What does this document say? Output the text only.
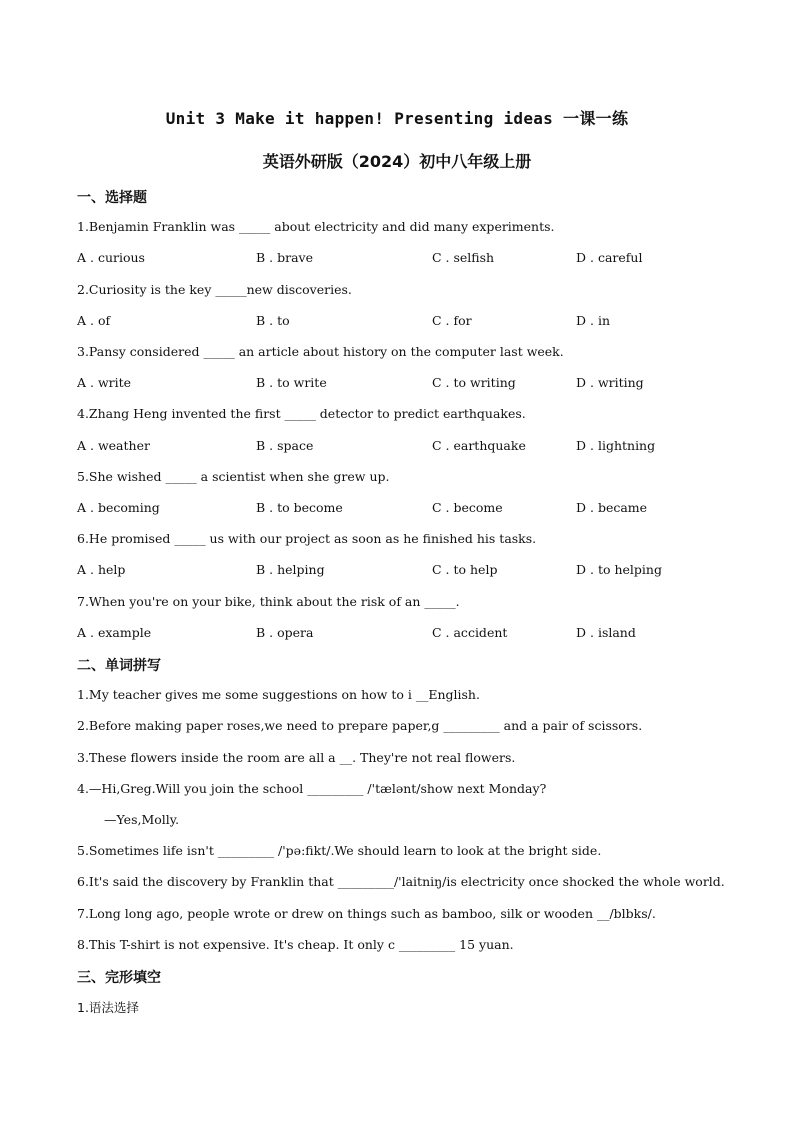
Unit 3 Make it happen! Presenting ideas 一课一练
英语外研版（2024）初中八年级上册
一、选择题
1.Benjamin Franklin was _____ about electricity and did many experiments.
A . curious	B . brave	C . selfish	D . careful
2.Curiosity is the key _____new discoveries.
A . of	B . to	C . for	D . in
3.Pansy considered _____ an article about history on the computer last week.
A . write	B . to write	C . to writing	D . writing
4.Zhang Heng invented the first _____ detector to predict earthquakes.
A . weather	B . space	C . earthquake	D . lightning
5.She wished _____ a scientist when she grew up.
A . becoming	B . to become	C . become	D . became
6.He promised _____ us with our project as soon as he finished his tasks.
A . help	B . helping	C . to help	D . to helping
7.When you're on your bike, think about the risk of an _____.
A . example	B . opera	C . accident	D . island
二、单词拼写
1.My teacher gives me some suggestions on how to i __English.
2.Before making paper roses,we need to prepare paper,g _________ and a pair of scissors.
3.These flowers inside the room are all a __. They're not real flowers.
4.—Hi,Greg.Will you join the school _________ /'tælənt/show next Monday?
—Yes,Molly.
5.Sometimes life isn't _________ /'pə:fikt/.We should learn to look at the bright side.
6.It's said the discovery by Franklin that _________/'laitniŋ/is electricity once shocked the whole world.
7.Long long ago, people wrote or drew on things such as bamboo, silk or wooden __/blbks/.
8.This T-shirt is not expensive. It's cheap. It only c _________ 15 yuan.
三、完形填空
1.语法选择
